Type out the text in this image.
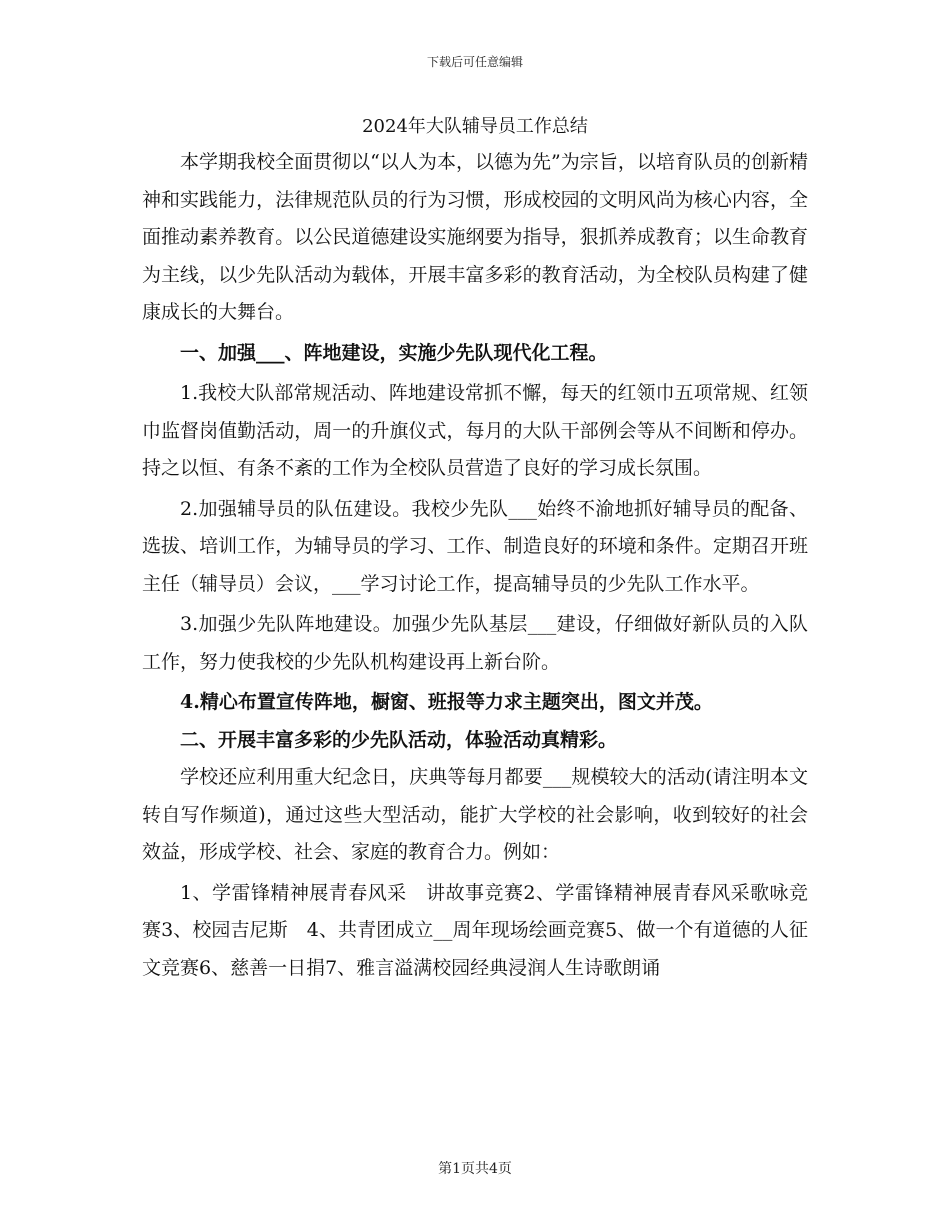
下载后可任意编辑
2024年大队辅导员工作总结

本学期我校全面贯彻以“以人为本，以德为先”为宗旨，以培育队员的创新精神和实践能力，法律规范队员的行为习惯，形成校园的文明风尚为核心内容，全面推动素养教育。以公民道德建设实施纲要为指导，狠抓养成教育；以生命教育为主线，以少先队活动为载体，开展丰富多彩的教育活动，为全校队员构建了健康成长的大舞台。

一、加强___、阵地建设，实施少先队现代化工程。

1.我校大队部常规活动、阵地建设常抓不懈，每天的红领巾五项常规、红领巾监督岗值勤活动，周一的升旗仪式，每月的大队干部例会等从不间断和停办。持之以恒、有条不紊的工作为全校队员营造了良好的学习成长氛围。

2.加强辅导员的队伍建设。我校少先队___始终不渝地抓好辅导员的配备、选拔、培训工作，为辅导员的学习、工作、制造良好的环境和条件。定期召开班主任（辅导员）会议，___学习讨论工作，提高辅导员的少先队工作水平。

3.加强少先队阵地建设。加强少先队基层___建设，仔细做好新队员的入队工作，努力使我校的少先队机构建设再上新台阶。

4.精心布置宣传阵地，橱窗、班报等力求主题突出，图文并茂。

二、开展丰富多彩的少先队活动，体验活动真精彩。

学校还应利用重大纪念日，庆典等每月都要___规模较大的活动(请注明本文转自写作频道)，通过这些大型活动，能扩大学校的社会影响，收到较好的社会效益，形成学校、社会、家庭的教育合力。例如：

1、学雷锋精神展青春风采　讲故事竞赛2、学雷锋精神展青春风采歌咏竞赛3、校园吉尼斯　4、共青团成立__周年现场绘画竞赛5、做一个有道德的人征文竞赛6、慈善一日捐7、雅言溢满校园经典浸润人生诗歌朗诵

第1页共4页
